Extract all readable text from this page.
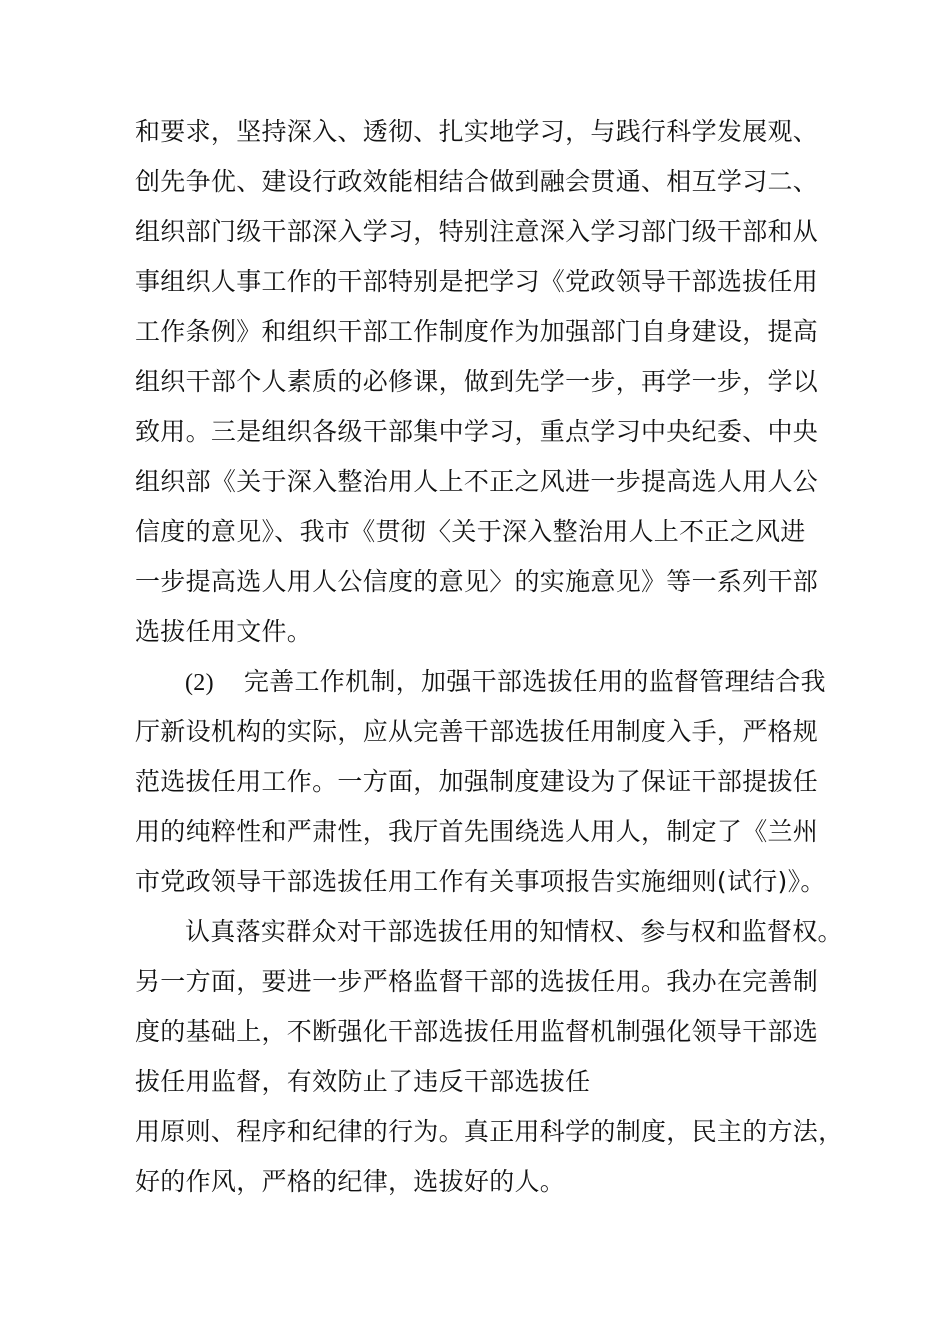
和要求，坚持深入、透彻、扎实地学习，与践行科学发展观、
创先争优、建设行政效能相结合做到融会贯通、相互学习二、
组织部门级干部深入学习，特别注意深入学习部门级干部和从
事组织人事工作的干部特别是把学习《党政领导干部选拔任用
工作条例》和组织干部工作制度作为加强部门自身建设，提高
组织干部个人素质的必修课，做到先学一步，再学一步，学以
致用。三是组织各级干部集中学习，重点学习中央纪委、中央
组织部《关于深入整治用人上不正之风进一步提高选人用人公
信度的意见》、我市《贯彻〈关于深入整治用人上不正之风进
一步提高选人用人公信度的意见〉的实施意见》等一系列干部
选拔任用文件。
(2) 完善工作机制，加强干部选拔任用的监督管理结合我
厅新设机构的实际，应从完善干部选拔任用制度入手，严格规
范选拔任用工作。一方面，加强制度建设为了保证干部提拔任
用的纯粹性和严肃性，我厅首先围绕选人用人，制定了《兰州
市党政领导干部选拔任用工作有关事项报告实施细则(试行)》。
认真落实群众对干部选拔任用的知情权、参与权和监督权。
另一方面，要进一步严格监督干部的选拔任用。我办在完善制
度的基础上，不断强化干部选拔任用监督机制强化领导干部选
拔任用监督，有效防止了违反干部选拔任
用原则、程序和纪律的行为。真正用科学的制度，民主的方法，
好的作风，严格的纪律，选拔好的人。
